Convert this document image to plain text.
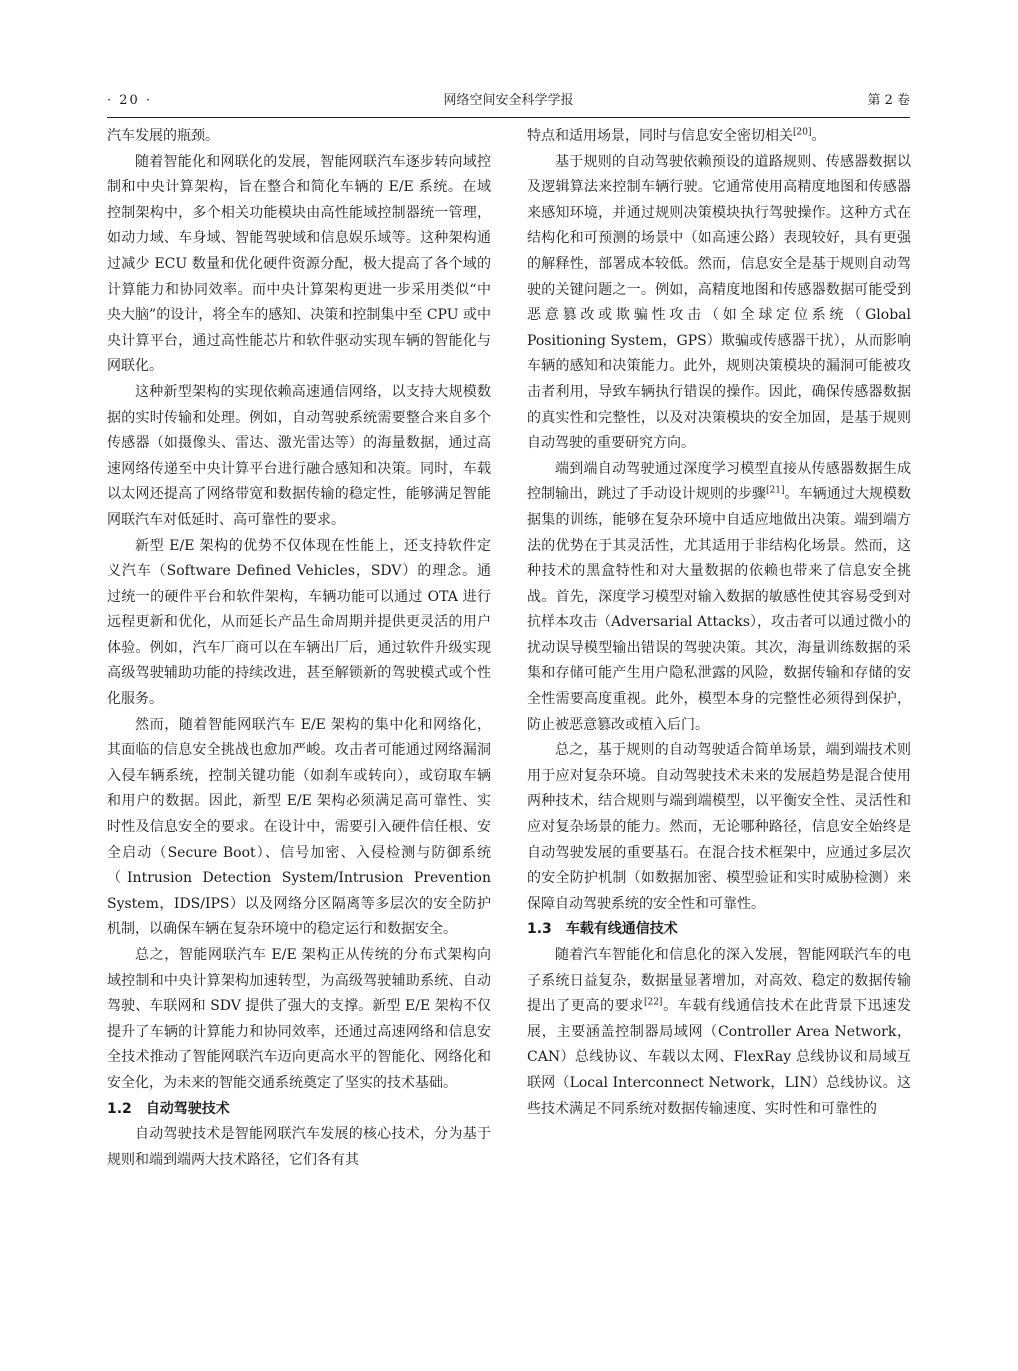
· 20 ·	网络空间安全科学学报	第 2 卷

汽车发展的瓶颈。

随着智能化和网联化的发展，智能网联汽车逐步转向域控制和中央计算架构，旨在整合和简化车辆的 E/E 系统。在域控制架构中，多个相关功能模块由高性能域控制器统一管理，如动力域、车身域、智能驾驶域和信息娱乐域等。这种架构通过减少 ECU 数量和优化硬件资源分配，极大提高了各个域的计算能力和协同效率。而中央计算架构更进一步采用类似“中央大脑”的设计，将全车的感知、决策和控制集中至 CPU 或中央计算平台，通过高性能芯片和软件驱动实现车辆的智能化与网联化。

这种新型架构的实现依赖高速通信网络，以支持大规模数据的实时传输和处理。例如，自动驾驶系统需要整合来自多个传感器（如摄像头、雷达、激光雷达等）的海量数据，通过高速网络传递至中央计算平台进行融合感知和决策。同时，车载以太网还提高了网络带宽和数据传输的稳定性，能够满足智能网联汽车对低延时、高可靠性的要求。

新型 E/E 架构的优势不仅体现在性能上，还支持软件定义汽车（Software Defined Vehicles，SDV）的理念。通过统一的硬件平台和软件架构，车辆功能可以通过 OTA 进行远程更新和优化，从而延长产品生命周期并提供更灵活的用户体验。例如，汽车厂商可以在车辆出厂后，通过软件升级实现高级驾驶辅助功能的持续改进，甚至解锁新的驾驶模式或个性化服务。

然而，随着智能网联汽车 E/E 架构的集中化和网络化，其面临的信息安全挑战也愈加严峻。攻击者可能通过网络漏洞入侵车辆系统，控制关键功能（如刹车或转向），或窃取车辆和用户的数据。因此，新型 E/E 架构必须满足高可靠性、实时性及信息安全的要求。在设计中，需要引入硬件信任根、安全启动（Secure Boot）、信号加密、入侵检测与防御系统（Intrusion Detection System/Intrusion Prevention System，IDS/IPS）以及网络分区隔离等多层次的安全防护机制，以确保车辆在复杂环境中的稳定运行和数据安全。

总之，智能网联汽车 E/E 架构正从传统的分布式架构向域控制和中央计算架构加速转型，为高级驾驶辅助系统、自动驾驶、车联网和 SDV 提供了强大的支撑。新型 E/E 架构不仅提升了车辆的计算能力和协同效率，还通过高速网络和信息安全技术推动了智能网联汽车迈向更高水平的智能化、网络化和安全化，为未来的智能交通系统奠定了坚实的技术基础。

1.2 自动驾驶技术

自动驾驶技术是智能网联汽车发展的核心技术，分为基于规则和端到端两大技术路径，它们各有其

特点和适用场景，同时与信息安全密切相关[20]。

基于规则的自动驾驶依赖预设的道路规则、传感器数据以及逻辑算法来控制车辆行驶。它通常使用高精度地图和传感器来感知环境，并通过规则决策模块执行驾驶操作。这种方式在结构化和可预测的场景中（如高速公路）表现较好，具有更强的解释性，部署成本较低。然而，信息安全是基于规则自动驾驶的关键问题之一。例如，高精度地图和传感器数据可能受到恶意篡改或欺骗性攻击（如全球定位系统（Global Positioning System，GPS）欺骗或传感器干扰），从而影响车辆的感知和决策能力。此外，规则决策模块的漏洞可能被攻击者利用，导致车辆执行错误的操作。因此，确保传感器数据的真实性和完整性，以及对决策模块的安全加固，是基于规则自动驾驶的重要研究方向。

端到端自动驾驶通过深度学习模型直接从传感器数据生成控制输出，跳过了手动设计规则的步骤[21]。车辆通过大规模数据集的训练，能够在复杂环境中自适应地做出决策。端到端方法的优势在于其灵活性，尤其适用于非结构化场景。然而，这种技术的黑盒特性和对大量数据的依赖也带来了信息安全挑战。首先，深度学习模型对输入数据的敏感性使其容易受到对抗样本攻击（Adversarial Attacks），攻击者可以通过微小的扰动误导模型输出错误的驾驶决策。其次，海量训练数据的采集和存储可能产生用户隐私泄露的风险，数据传输和存储的安全性需要高度重视。此外，模型本身的完整性必须得到保护，防止被恶意篡改或植入后门。

总之，基于规则的自动驾驶适合简单场景，端到端技术则用于应对复杂环境。自动驾驶技术未来的发展趋势是混合使用两种技术，结合规则与端到端模型，以平衡安全性、灵活性和应对复杂场景的能力。然而，无论哪种路径，信息安全始终是自动驾驶发展的重要基石。在混合技术框架中，应通过多层次的安全防护机制（如数据加密、模型验证和实时威胁检测）来保障自动驾驶系统的安全性和可靠性。

1.3 车载有线通信技术

随着汽车智能化和信息化的深入发展，智能网联汽车的电子系统日益复杂，数据量显著增加，对高效、稳定的数据传输提出了更高的要求[22]。车载有线通信技术在此背景下迅速发展，主要涵盖控制器局域网（Controller Area Network，CAN）总线协议、车载以太网、FlexRay 总线协议和局域互联网（Local Interconnect Network，LIN）总线协议。这些技术满足不同系统对数据传输速度、实时性和可靠性的
